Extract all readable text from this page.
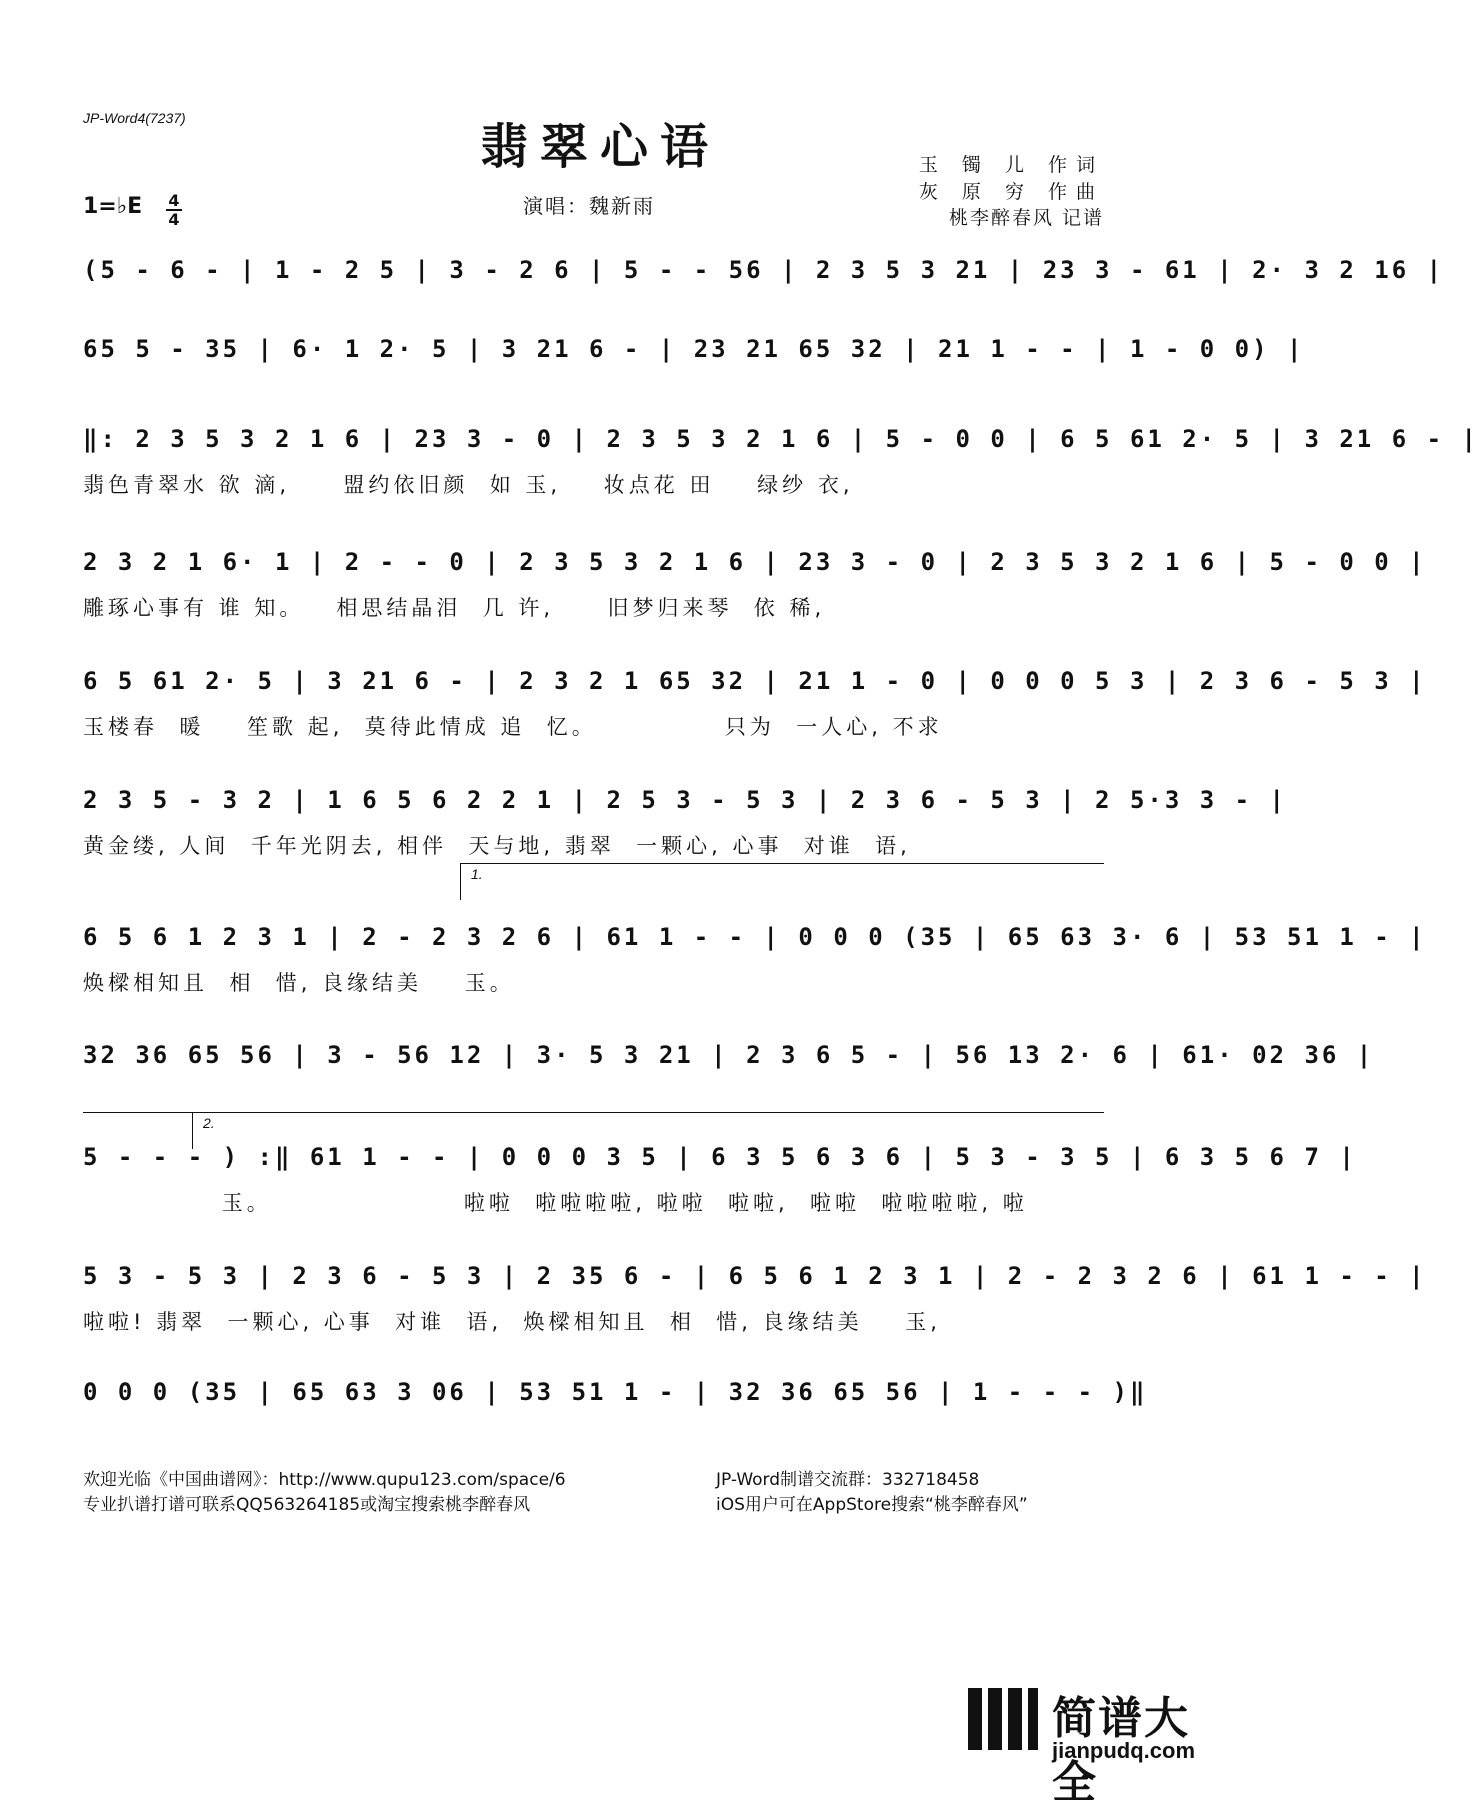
JP-Word4(7237)
翡翠心语
演唱：魏新雨
玉 镯 儿 作词
灰 原 穷 作曲
桃李醉春风 记谱
1=♭E $\frac{4}{4}$
(5 - 6 - | 1 - 2 5 | 3 - 2 6 | 5 - - 56 | 2 3 5 3 21 | 23 3 - 61 | 2· 3 2 16 |
65 5 - 35 | 6· 1 2· 5 | 3 21 6 - | 23 21 65 32 | 21 1 - - | 1 - 0 0) |
‖: 2 3 5 3 2 1 6 | 23 3 - 0 | 2 3 5 3 2 1 6 | 5 - 0 0 | 6 5 61 2· 5 | 3 21 6 - |
翡色青翠水 欲 滴,     盟约依旧颜  如 玉,    妆点花 田    绿纱 衣,
2 3 2 1 6· 1 | 2 - - 0 | 2 3 5 3 2 1 6 | 23 3 - 0 | 2 3 5 3 2 1 6 | 5 - 0 0 |
雕琢心事有 谁 知。   相思结晶泪  几 许,     旧梦归来琴  依 稀,
6 5 61 2· 5 | 3 21 6 - | 2 3 2 1 65 32 | 21 1 - 0 | 0 0 0 5 3 | 2 3 6 - 5 3 |
玉楼春  暖    笙歌 起,  莫待此情成 追  忆。            只为  一人心, 不求
2 3 5 - 3 2 | 1 6 5 6 2 2 1 | 2 5 3 - 5 3 | 2 3 6 - 5 3 | 2 5·3 3 - |
黄金缕, 人间  千年光阴去, 相伴  天与地, 翡翠  一颗心, 心事  对谁  语,
1.
6 5 6 1 2 3 1 | 2 - 2 3 2 6 | 61 1 - - | 0 0 0 (35 | 65 63 3· 6 | 53 51 1 - |
焕樑相知且  相  惜, 良缘结美    玉。
32 36 65 56 | 3 - 56 12 | 3· 5 3 21 | 2 3 6 5 - | 56 13 2· 6 | 61· 02 36 |
2.
5 - - - ) :‖ 61 1 - - | 0 0 0 3 5 | 6 3 5 6 3 6 | 5 3 - 3 5 | 6 3 5 6 7 |
玉。                  啦啦  啦啦啦啦, 啦啦  啦啦,  啦啦  啦啦啦啦, 啦
5 3 - 5 3 | 2 3 6 - 5 3 | 2 35 6 - | 6 5 6 1 2 3 1 | 2 - 2 3 2 6 | 61 1 - - |
啦啦! 翡翠  一颗心, 心事  对谁  语,  焕樑相知且  相  惜, 良缘结美    玉,
0 0 0 (35 | 65 63 3 06 | 53 51 1 - | 32 36 65 56 | 1 - - - )‖
欢迎光临《中国曲谱网》：http://www.qupu123.com/space/6
专业扒谱打谱可联系QQ563264185或淘宝搜索桃李醉春风
JP-Word制谱交流群：332718458
iOS用户可在AppStore搜索“桃李醉春风”
简谱大全
jianpudq.com
